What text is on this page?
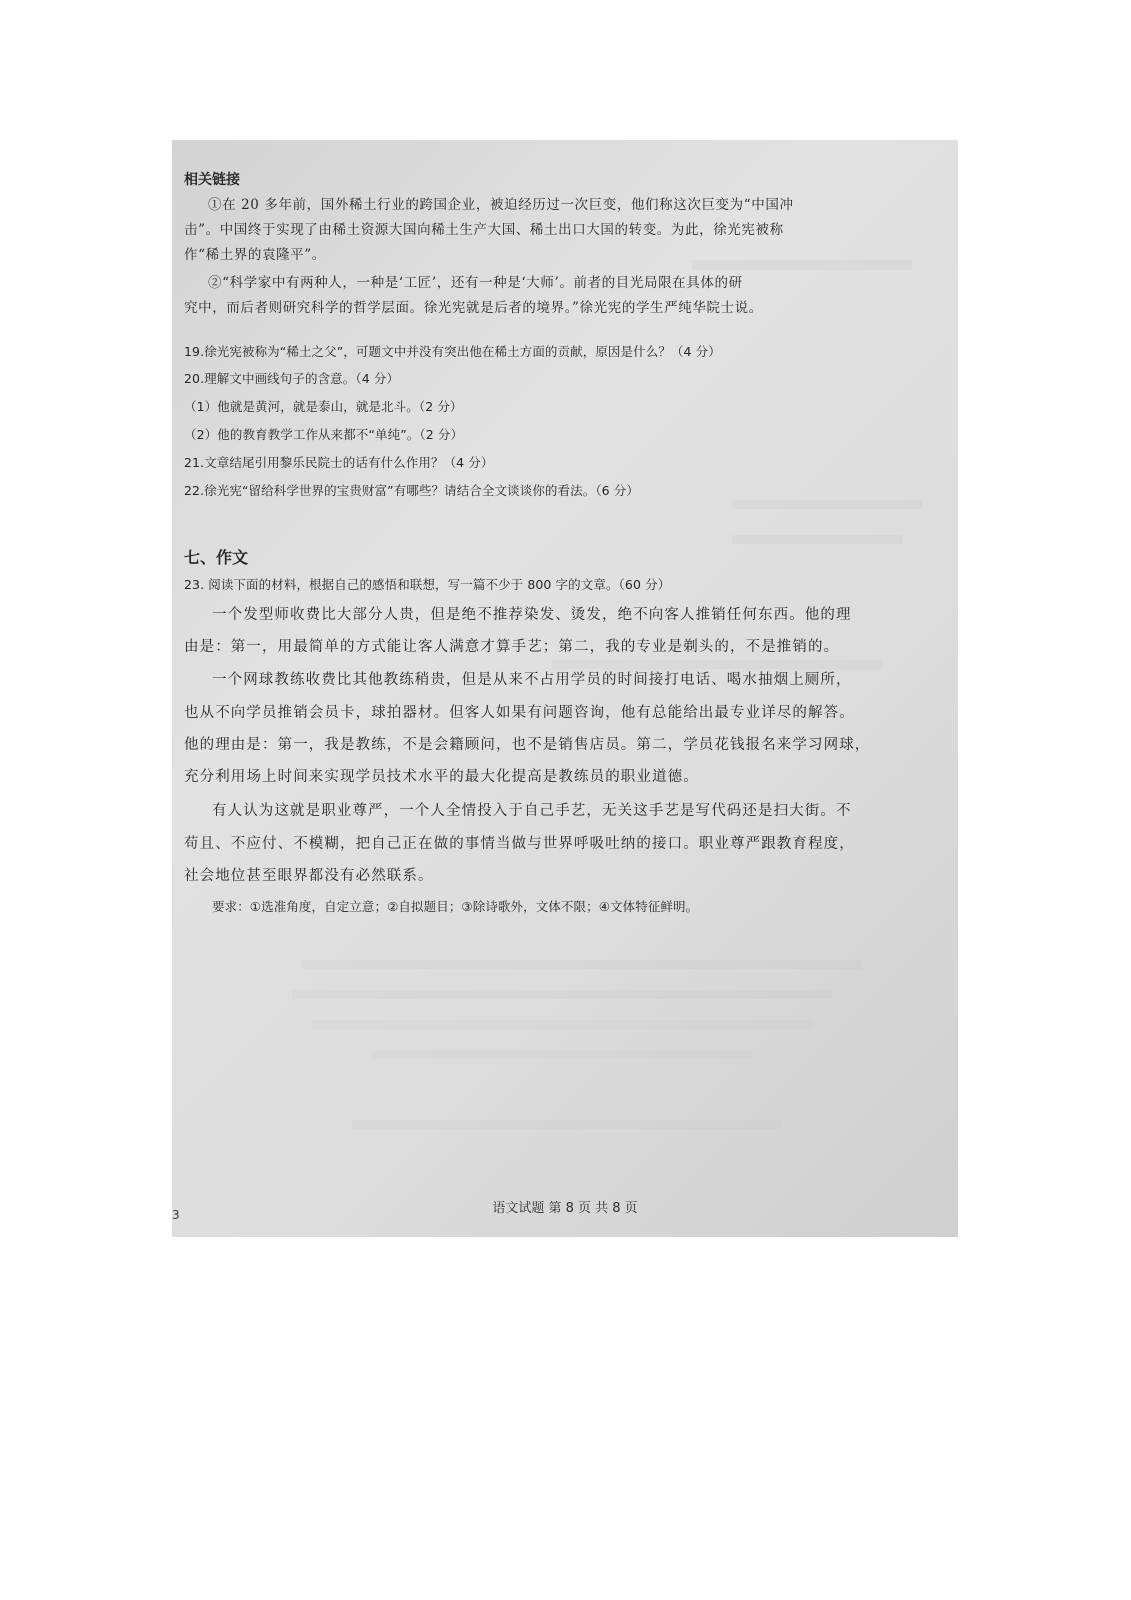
相关链接
①在 20 多年前，国外稀土行业的跨国企业，被迫经历过一次巨变，他们称这次巨变为“中国冲
击”。中国终于实现了由稀土资源大国向稀土生产大国、稀土出口大国的转变。为此，徐光宪被称
作“稀土界的袁隆平”。
②“科学家中有两种人，一种是‘工匠’，还有一种是‘大师’。前者的目光局限在具体的研
究中，而后者则研究科学的哲学层面。徐光宪就是后者的境界。”徐光宪的学生严纯华院士说。
19.徐光宪被称为“稀土之父”，可题文中并没有突出他在稀土方面的贡献，原因是什么？（4 分）
20.理解文中画线句子的含意。（4 分）
（1）他就是黄河，就是泰山，就是北斗。（2 分）
（2）他的教育教学工作从来都不“单纯”。（2 分）
21.文章结尾引用黎乐民院士的话有什么作用？（4 分）
22.徐光宪“留给科学世界的宝贵财富”有哪些？请结合全文谈谈你的看法。（6 分）
七、作文
23. 阅读下面的材料，根据自己的感悟和联想，写一篇不少于 800 字的文章。（60 分）
一个发型师收费比大部分人贵，但是绝不推荐染发、烫发，绝不向客人推销任何东西。他的理
由是：第一，用最简单的方式能让客人满意才算手艺；第二，我的专业是剃头的，不是推销的。
一个网球教练收费比其他教练稍贵，但是从来不占用学员的时间接打电话、喝水抽烟上厕所，
也从不向学员推销会员卡，球拍器材。但客人如果有问题咨询，他有总能给出最专业详尽的解答。
他的理由是：第一，我是教练，不是会籍顾问，也不是销售店员。第二，学员花钱报名来学习网球，
充分利用场上时间来实现学员技术水平的最大化提高是教练员的职业道德。
有人认为这就是职业尊严，一个人全情投入于自己手艺，无关这手艺是写代码还是扫大街。不
苟且、不应付、不模糊，把自己正在做的事情当做与世界呼吸吐纳的接口。职业尊严跟教育程度，
社会地位甚至眼界都没有必然联系。
要求：①选准角度，自定立意；②自拟题目；③除诗歌外，文体不限；④文体特征鲜明。
语文试题 第 8 页 共 8 页
3
